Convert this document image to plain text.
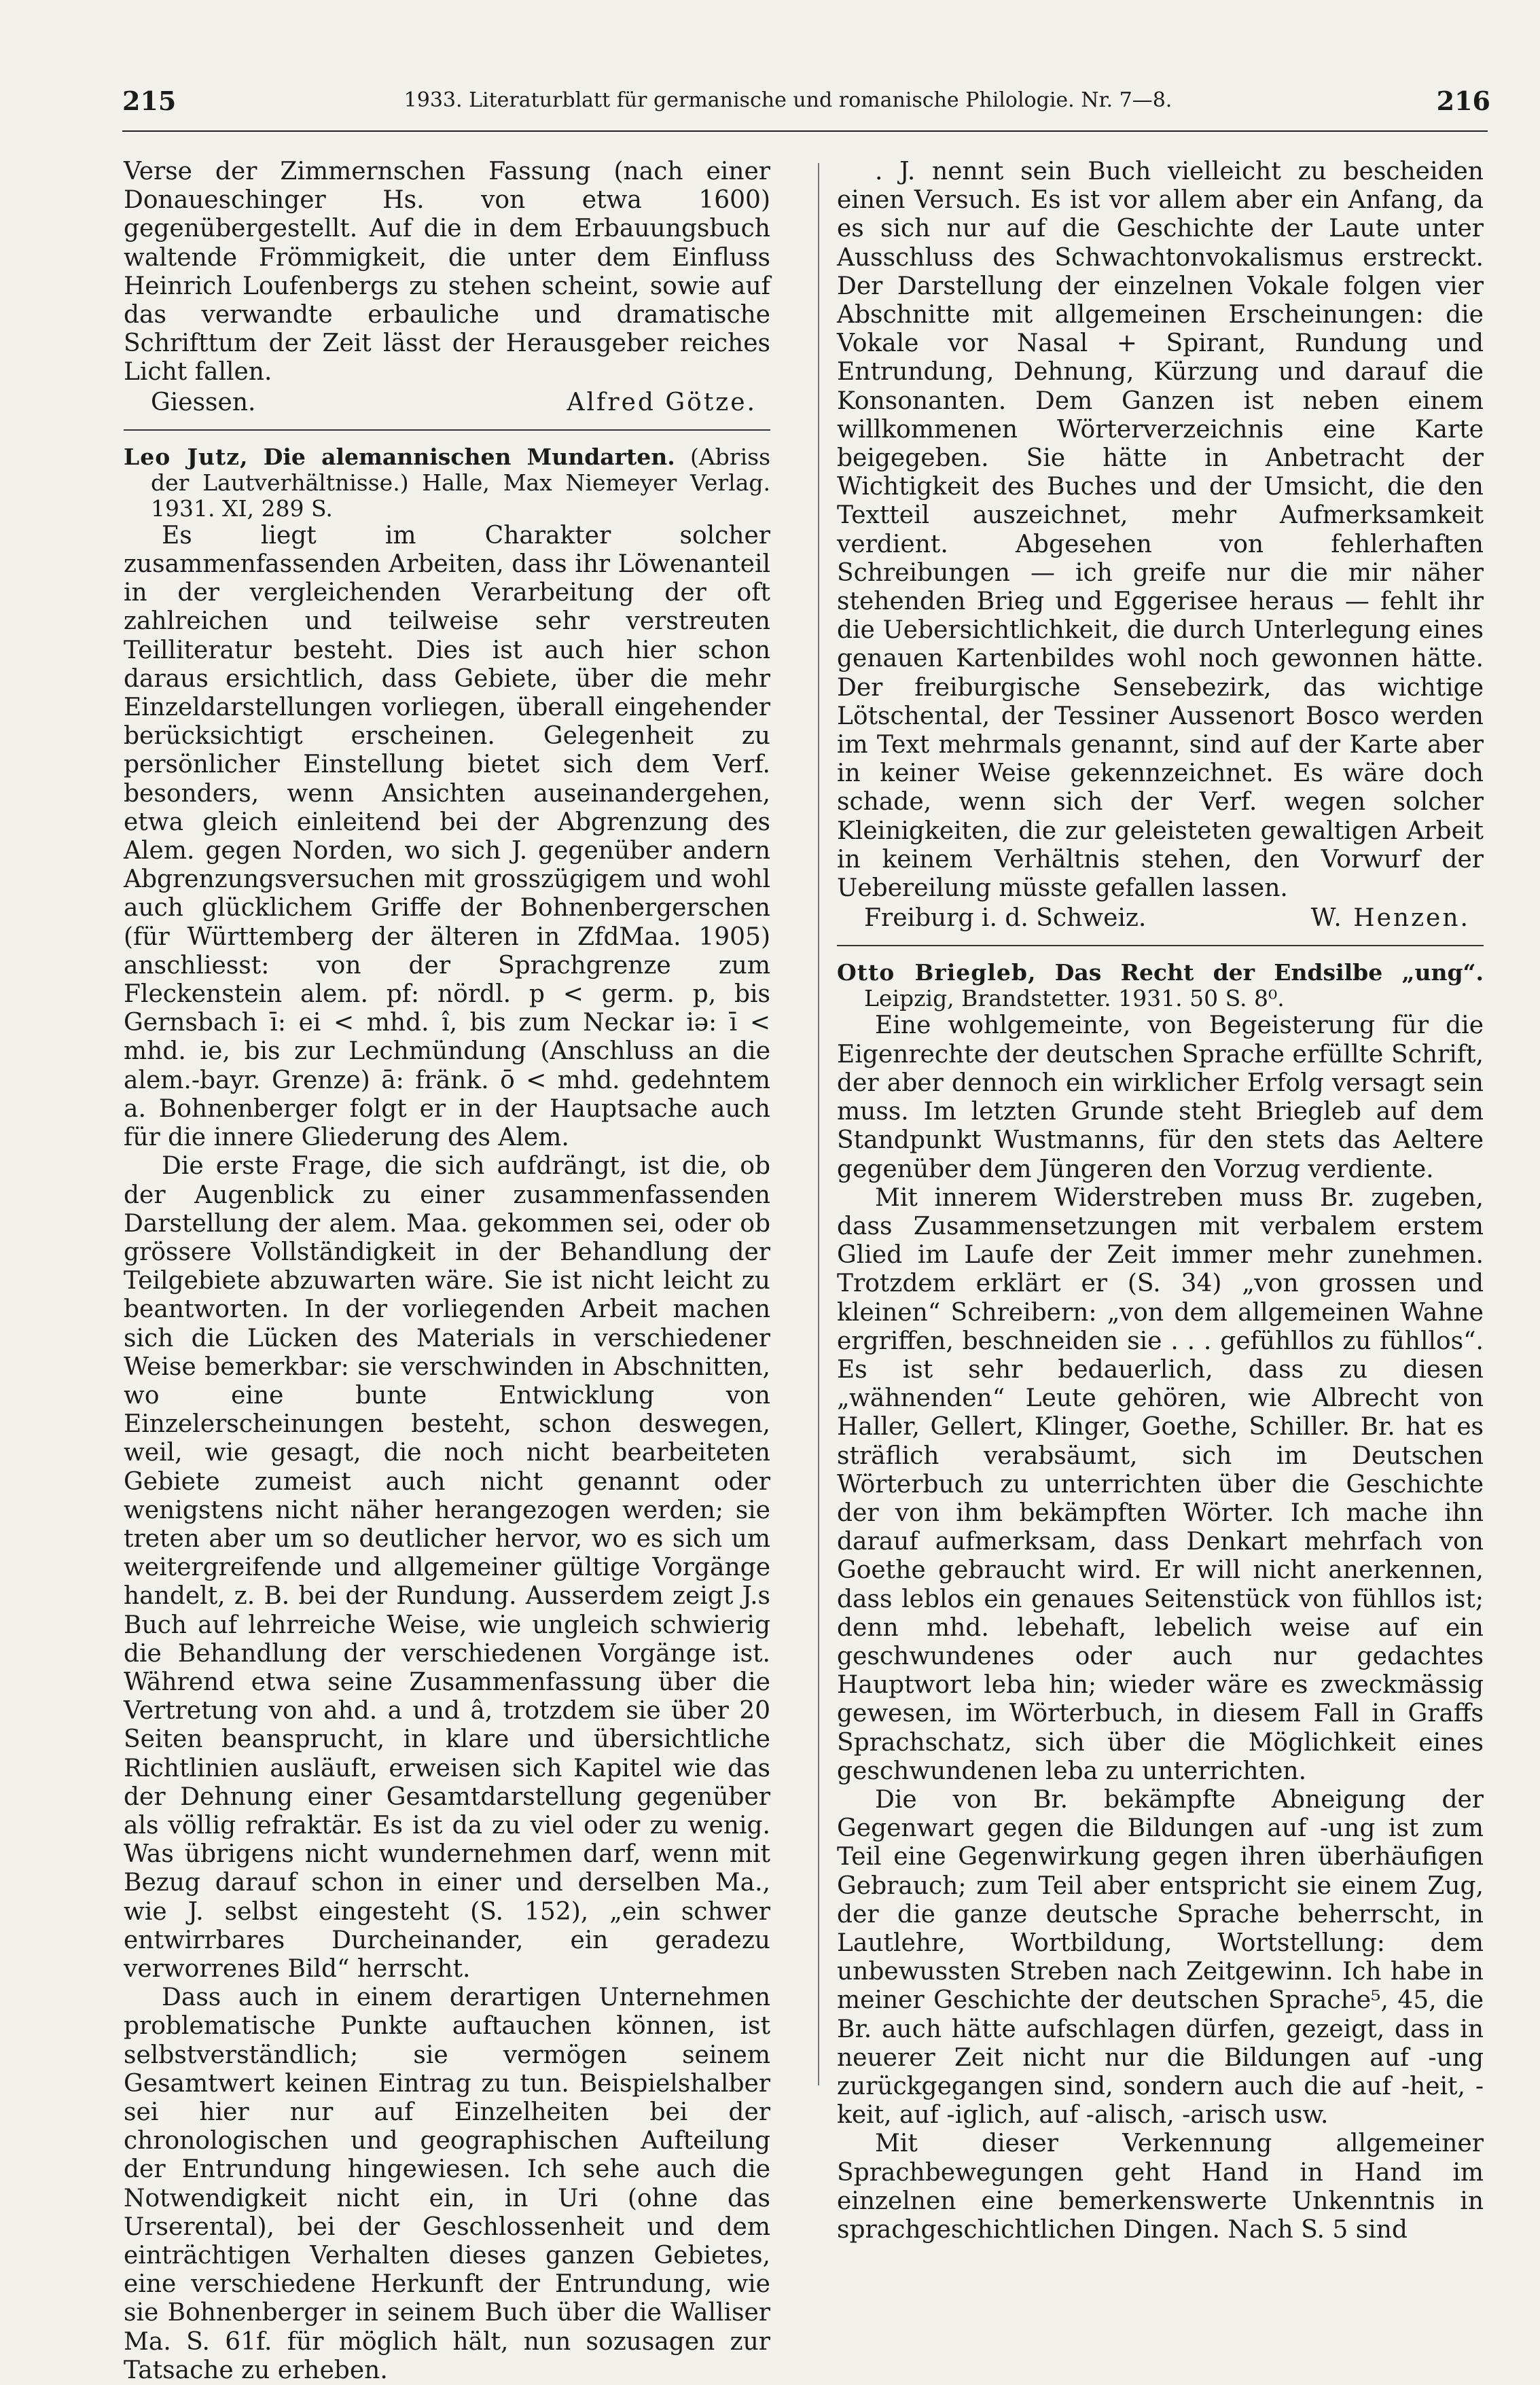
215	1933. Literaturblatt für germanische und romanische Philologie. Nr. 7—8.	216

Verse der Zimmernschen Fassung (nach einer Donaueschinger Hs. von etwa 1600) gegenübergestellt. Auf die in dem Erbauungsbuch waltende Frömmigkeit, die unter dem Einfluss Heinrich Loufenbergs zu stehen scheint, sowie auf das verwandte erbauliche und dramatische Schrifttum der Zeit lässt der Herausgeber reiches Licht fallen.

Giessen.	Alfred Götze.

Leo Jutz, Die alemannischen Mundarten. (Abriss der Lautverhältnisse.) Halle, Max Niemeyer Verlag. 1931. XI, 289 S.

Es liegt im Charakter solcher zusammenfassenden Arbeiten, dass ihr Löwenanteil in der vergleichenden Verarbeitung der oft zahlreichen und teilweise sehr verstreuten Teilliteratur besteht. Dies ist auch hier schon daraus ersichtlich, dass Gebiete, über die mehr Einzeldarstellungen vorliegen, überall eingehender berücksichtigt erscheinen. Gelegenheit zu persönlicher Einstellung bietet sich dem Verf. besonders, wenn Ansichten auseinandergehen, etwa gleich einleitend bei der Abgrenzung des Alem. gegen Norden, wo sich J. gegenüber andern Abgrenzungsversuchen mit grosszügigem und wohl auch glücklichem Griffe der Bohnenbergerschen (für Württemberg der älteren in ZfdMaa. 1905) anschliesst: von der Sprachgrenze zum Fleckenstein alem. pf: nördl. p < germ. p, bis Gernsbach ī: ei < mhd. î, bis zum Neckar iə: ī < mhd. ie, bis zur Lechmündung (Anschluss an die alem.-bayr. Grenze) ā: fränk. ō < mhd. gedehntem a. Bohnenberger folgt er in der Hauptsache auch für die innere Gliederung des Alem.

Die erste Frage, die sich aufdrängt, ist die, ob der Augenblick zu einer zusammenfassenden Darstellung der alem. Maa. gekommen sei, oder ob grössere Vollständigkeit in der Behandlung der Teilgebiete abzuwarten wäre. Sie ist nicht leicht zu beantworten. In der vorliegenden Arbeit machen sich die Lücken des Materials in verschiedener Weise bemerkbar: sie verschwinden in Abschnitten, wo eine bunte Entwicklung von Einzelerscheinungen besteht, schon deswegen, weil, wie gesagt, die noch nicht bearbeiteten Gebiete zumeist auch nicht genannt oder wenigstens nicht näher herangezogen werden; sie treten aber um so deutlicher hervor, wo es sich um weitergreifende und allgemeiner gültige Vorgänge handelt, z. B. bei der Rundung. Ausserdem zeigt J.s Buch auf lehrreiche Weise, wie ungleich schwierig die Behandlung der verschiedenen Vorgänge ist. Während etwa seine Zusammenfassung über die Vertretung von ahd. a und â, trotzdem sie über 20 Seiten beansprucht, in klare und übersichtliche Richtlinien ausläuft, erweisen sich Kapitel wie das der Dehnung einer Gesamtdarstellung gegenüber als völlig refraktär. Es ist da zu viel oder zu wenig. Was übrigens nicht wundernehmen darf, wenn mit Bezug darauf schon in einer und derselben Ma., wie J. selbst eingesteht (S. 152), „ein schwer entwirrbares Durcheinander, ein geradezu verworrenes Bild“ herrscht.

Dass auch in einem derartigen Unternehmen problematische Punkte auftauchen können, ist selbstverständlich; sie vermögen seinem Gesamtwert keinen Eintrag zu tun. Beispielshalber sei hier nur auf Einzelheiten bei der chronologischen und geographischen Aufteilung der Entrundung hingewiesen. Ich sehe auch die Notwendigkeit nicht ein, in Uri (ohne das Urserental), bei der Geschlossenheit und dem einträchtigen Verhalten dieses ganzen Gebietes, eine verschiedene Herkunft der Entrundung, wie sie Bohnenberger in seinem Buch über die Walliser Ma. S. 61f. für möglich hält, nun sozusagen zur Tatsache zu erheben.

. J. nennt sein Buch vielleicht zu bescheiden einen Versuch. Es ist vor allem aber ein Anfang, da es sich nur auf die Geschichte der Laute unter Ausschluss des Schwachtonvokalismus erstreckt. Der Darstellung der einzelnen Vokale folgen vier Abschnitte mit allgemeinen Erscheinungen: die Vokale vor Nasal + Spirant, Rundung und Entrundung, Dehnung, Kürzung und darauf die Konsonanten. Dem Ganzen ist neben einem willkommenen Wörterverzeichnis eine Karte beigegeben. Sie hätte in Anbetracht der Wichtigkeit des Buches und der Umsicht, die den Textteil auszeichnet, mehr Aufmerksamkeit verdient. Abgesehen von fehlerhaften Schreibungen — ich greife nur die mir näher stehenden Brieg und Eggerisee heraus — fehlt ihr die Uebersichtlichkeit, die durch Unterlegung eines genauen Kartenbildes wohl noch gewonnen hätte. Der freiburgische Sensebezirk, das wichtige Lötschental, der Tessiner Aussenort Bosco werden im Text mehrmals genannt, sind auf der Karte aber in keiner Weise gekennzeichnet. Es wäre doch schade, wenn sich der Verf. wegen solcher Kleinigkeiten, die zur geleisteten gewaltigen Arbeit in keinem Verhältnis stehen, den Vorwurf der Uebereilung müsste gefallen lassen.

Freiburg i. d. Schweiz.	W. Henzen.

Otto Briegleb, Das Recht der Endsilbe „ung“. Leipzig, Brandstetter. 1931. 50 S. 8⁰.

Eine wohlgemeinte, von Begeisterung für die Eigenrechte der deutschen Sprache erfüllte Schrift, der aber dennoch ein wirklicher Erfolg versagt sein muss. Im letzten Grunde steht Briegleb auf dem Standpunkt Wustmanns, für den stets das Aeltere gegenüber dem Jüngeren den Vorzug verdiente.

Mit innerem Widerstreben muss Br. zugeben, dass Zusammensetzungen mit verbalem erstem Glied im Laufe der Zeit immer mehr zunehmen. Trotzdem erklärt er (S. 34) „von grossen und kleinen“ Schreibern: „von dem allgemeinen Wahne ergriffen, beschneiden sie . . . gefühllos zu fühllos“. Es ist sehr bedauerlich, dass zu diesen „wähnenden“ Leute gehören, wie Albrecht von Haller, Gellert, Klinger, Goethe, Schiller. Br. hat es sträflich verabsäumt, sich im Deutschen Wörterbuch zu unterrichten über die Geschichte der von ihm bekämpften Wörter. Ich mache ihn darauf aufmerksam, dass Denkart mehrfach von Goethe gebraucht wird. Er will nicht anerkennen, dass leblos ein genaues Seitenstück von fühllos ist; denn mhd. lebehaft, lebelich weise auf ein geschwundenes oder auch nur gedachtes Hauptwort leba hin; wieder wäre es zweckmässig gewesen, im Wörterbuch, in diesem Fall in Graffs Sprachschatz, sich über die Möglichkeit eines geschwundenen leba zu unterrichten.

Die von Br. bekämpfte Abneigung der Gegenwart gegen die Bildungen auf -ung ist zum Teil eine Gegenwirkung gegen ihren überhäufigen Gebrauch; zum Teil aber entspricht sie einem Zug, der die ganze deutsche Sprache beherrscht, in Lautlehre, Wortbildung, Wortstellung: dem unbewussten Streben nach Zeitgewinn. Ich habe in meiner Geschichte der deutschen Sprache⁵, 45, die Br. auch hätte aufschlagen dürfen, gezeigt, dass in neuerer Zeit nicht nur die Bildungen auf -ung zurückgegangen sind, sondern auch die auf -heit, -keit, auf -iglich, auf -alisch, -arisch usw.

Mit dieser Verkennung allgemeiner Sprachbewegungen geht Hand in Hand im einzelnen eine bemerkenswerte Unkenntnis in sprachgeschichtlichen Dingen. Nach S. 5 sind
